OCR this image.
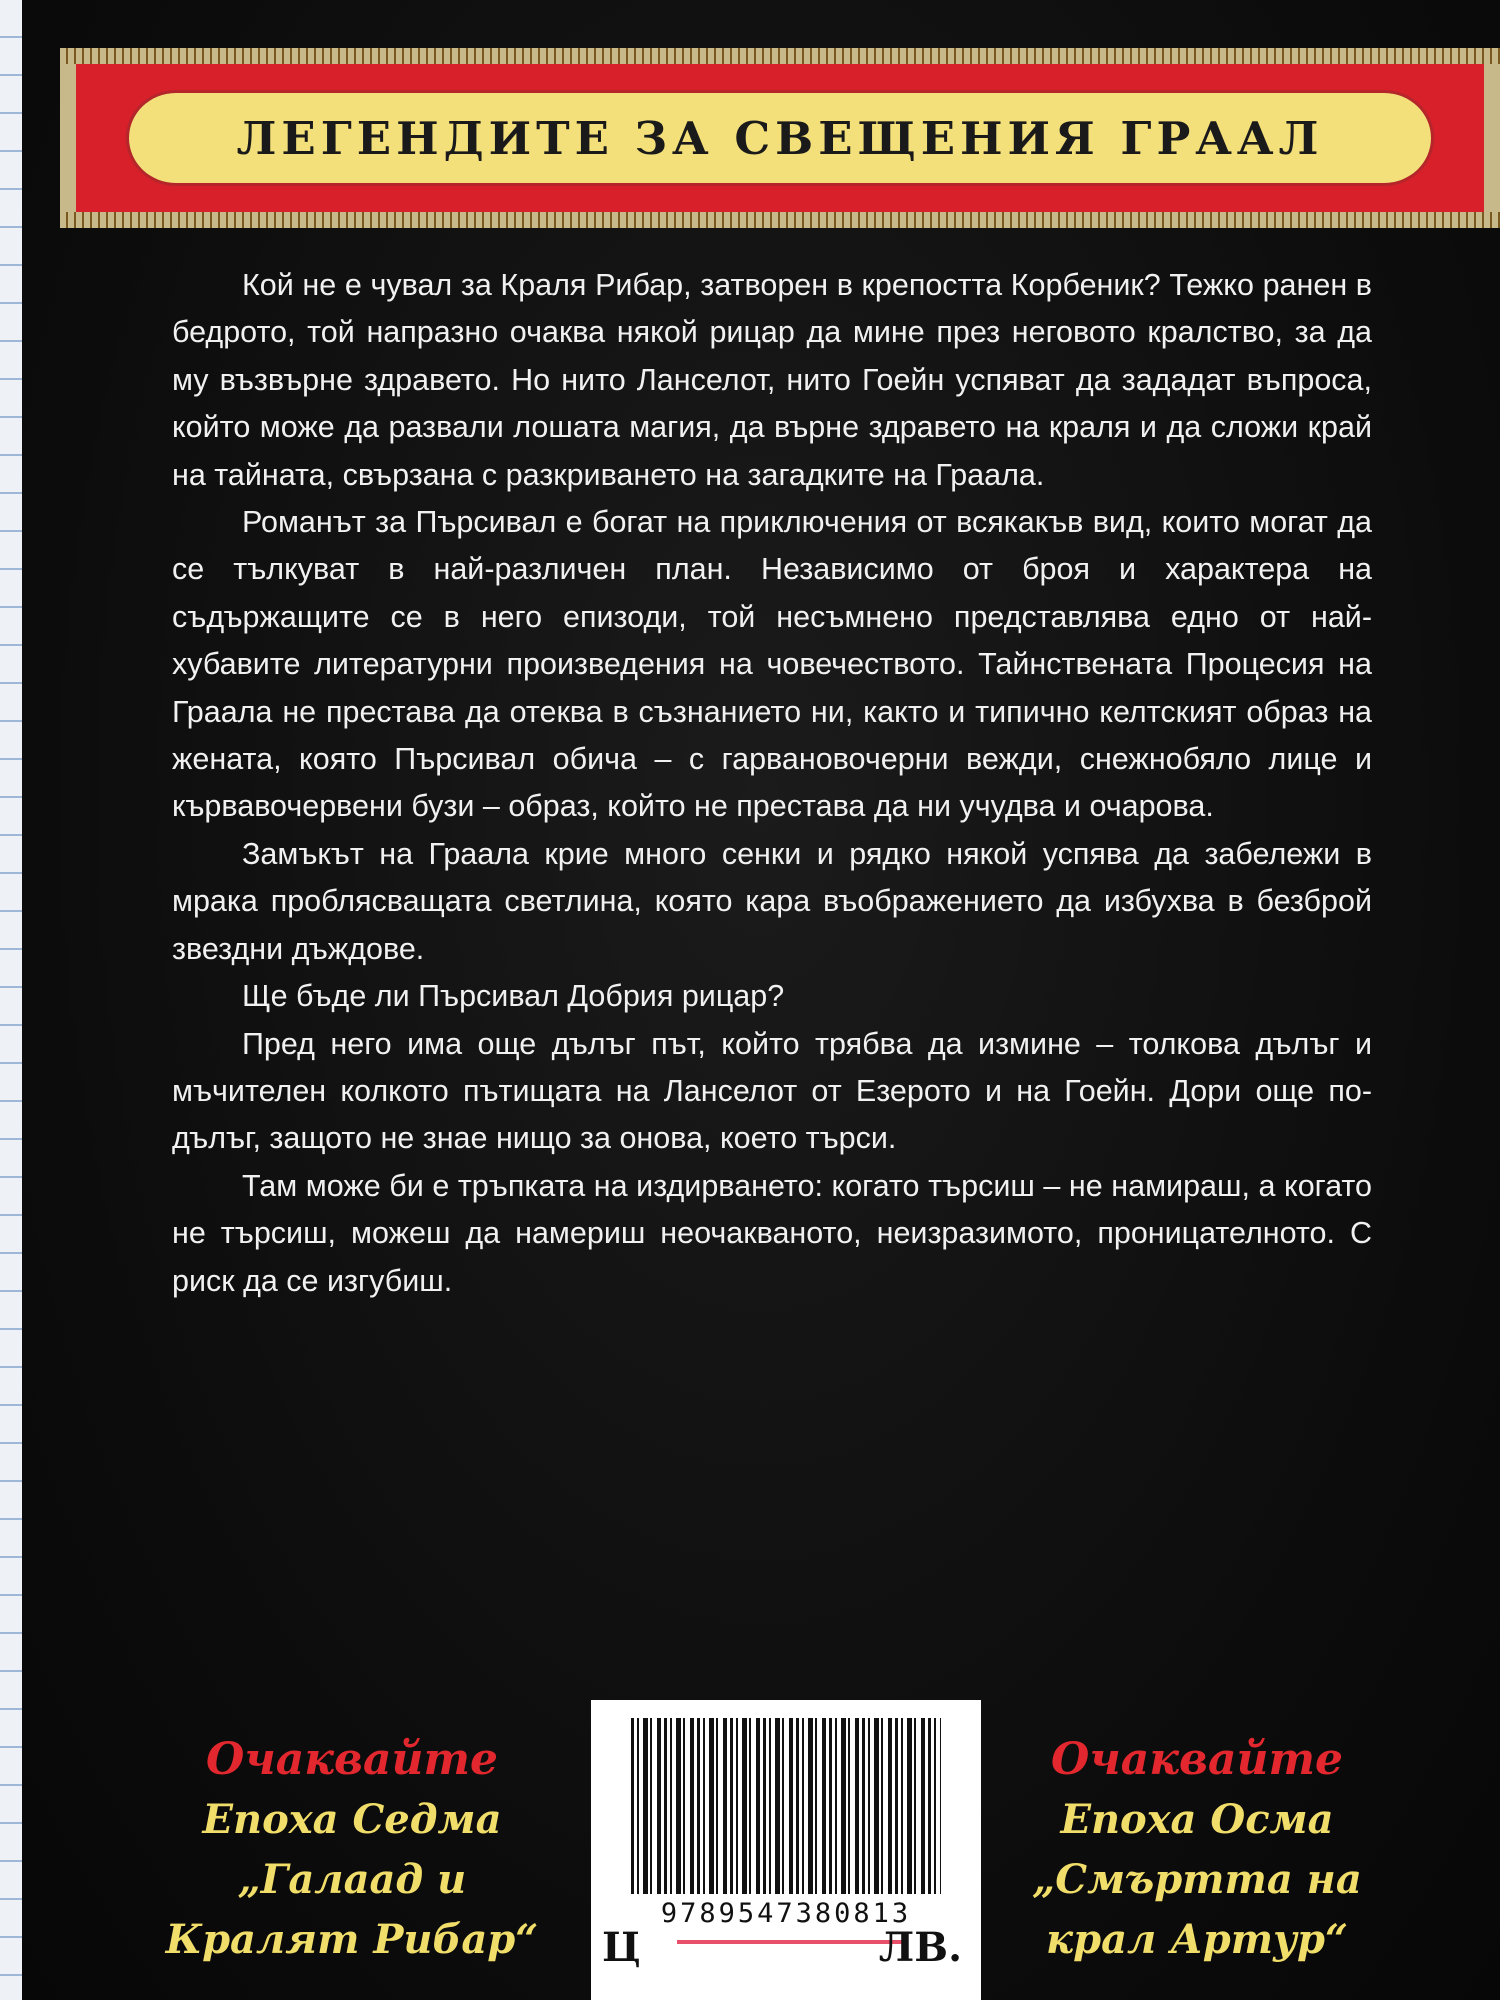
ЛЕГЕНДИТЕ ЗА СВЕЩЕНИЯ ГРААЛ

Кой не е чувал за Краля Рибар, затворен в крепостта Корбеник? Тежко ранен в бедрото, той напразно очаква някой рицар да мине през неговото кралство, за да му възвърне здравето. Но нито Ланселот, нито Гоейн успяват да зададат въпроса, който може да развали лошата магия, да върне здравето на краля и да сложи край на тайната, свързана с разкриването на загадките на Граала.

Романът за Пърсивал е богат на приключения от всякакъв вид, които могат да се тълкуват в най-различен план. Независимо от броя и характера на съдържащите се в него епизоди, той несъмнено представлява едно от най-хубавите литературни произведения на човечеството. Тайнствената Процесия на Граала не престава да отеква в съзнанието ни, както и типично келтският образ на жената, която Пърсивал обича – с гарвановочерни вежди, снежнобяло лице и кървавочервени бузи – образ, който не престава да ни учудва и очарова.

Замъкът на Граала крие много сенки и рядко някой успява да забележи в мрака проблясващата светлина, която кара въображението да избухва в безброй звездни дъждове.

Ще бъде ли Пърсивал Добрия рицар?

Пред него има още дълъг път, който трябва да измине – толкова дълъг и мъчителен колкото пътищата на Ланселот от Езерото и на Гоейн. Дори още по-дълъг, защото не знае нищо за онова, което търси.

Там може би е тръпката на издирването: когато търсиш – не намираш, а когато не търсиш, можеш да намериш неочакваното, неизразимото, проницателното. С риск да се изгубиш.

Очаквайте
Епоха Седма
„Галаад и
Кралят Рибар“
Очаквайте
Епоха Осма
„Смъртта на
крал Артур“
9789547380813
Ц	ЛВ.
